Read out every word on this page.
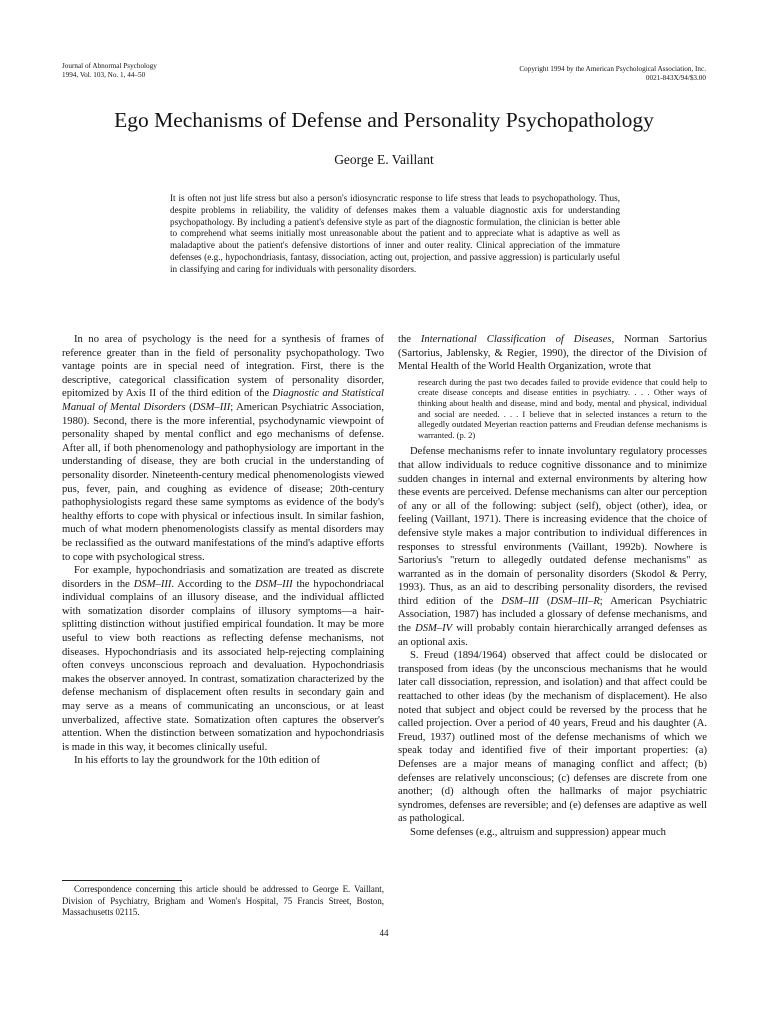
Journal of Abnormal Psychology
1994, Vol. 103, No. 1, 44–50
Copyright 1994 by the American Psychological Association, Inc.
0021-843X/94/$3.00
Ego Mechanisms of Defense and Personality Psychopathology
George E. Vaillant

It is often not just life stress but also a person's idiosyncratic response to life stress that leads to psychopathology. Thus, despite problems in reliability, the validity of defenses makes them a valuable diagnostic axis for understanding psychopathology. By including a patient's defensive style as part of the diagnostic formulation, the clinician is better able to comprehend what seems initially most unreasonable about the patient and to appreciate what is adaptive as well as maladaptive about the patient's defensive distortions of inner and outer reality. Clinical appreciation of the immature defenses (e.g., hypochondriasis, fantasy, dissociation, acting out, projection, and passive aggression) is particularly useful in classifying and caring for individuals with personality disorders.

In no area of psychology is the need for a synthesis of frames of reference greater than in the field of personality psychopathology. Two vantage points are in special need of integration. First, there is the descriptive, categorical classification system of personality disorder, epitomized by Axis II of the third edition of the Diagnostic and Statistical Manual of Mental Disorders (DSM–III; American Psychiatric Association, 1980). Second, there is the more inferential, psychodynamic viewpoint of personality shaped by mental conflict and ego mechanisms of defense. After all, if both phenomenology and pathophysiology are important in the understanding of disease, they are both crucial in the understanding of personality disorder. Nineteenth-century medical phenomenologists viewed pus, fever, pain, and coughing as evidence of disease; 20th-century pathophysiologists regard these same symptoms as evidence of the body's healthy efforts to cope with physical or infectious insult. In similar fashion, much of what modern phenomenologists classify as mental disorders may be reclassified as the outward manifestations of the mind's adaptive efforts to cope with psychological stress.

For example, hypochondriasis and somatization are treated as discrete disorders in the DSM–III. According to the DSM–III the hypochondriacal individual complains of an illusory disease, and the individual afflicted with somatization disorder complains of illusory symptoms—a hair-splitting distinction without justified empirical foundation. It may be more useful to view both reactions as reflecting defense mechanisms, not diseases. Hypochondriasis and its associated help-rejecting complaining often conveys unconscious reproach and devaluation. Hypochondriasis makes the observer annoyed. In contrast, somatization characterized by the defense mechanism of displacement often results in secondary gain and may serve as a means of communicating an unconscious, or at least unverbalized, affective state. Somatization often captures the observer's attention. When the distinction between somatization and hypochondriasis is made in this way, it becomes clinically useful.

In his efforts to lay the groundwork for the 10th edition of

the International Classification of Diseases, Norman Sartorius (Sartorius, Jablensky, & Regier, 1990), the director of the Division of Mental Health of the World Health Organization, wrote that

research during the past two decades failed to provide evidence that could help to create disease concepts and disease entities in psychiatry. . . . Other ways of thinking about health and disease, mind and body, mental and physical, individual and social are needed. . . . I believe that in selected instances a return to the allegedly outdated Meyerian reaction patterns and Freudian defense mechanisms is warranted. (p. 2)

Defense mechanisms refer to innate involuntary regulatory processes that allow individuals to reduce cognitive dissonance and to minimize sudden changes in internal and external environments by altering how these events are perceived. Defense mechanisms can alter our perception of any or all of the following: subject (self), object (other), idea, or feeling (Vaillant, 1971). There is increasing evidence that the choice of defensive style makes a major contribution to individual differences in responses to stressful environments (Vaillant, 1992b). Nowhere is Sartorius's "return to allegedly outdated defense mechanisms" as warranted as in the domain of personality disorders (Skodol & Perry, 1993). Thus, as an aid to describing personality disorders, the revised third edition of the DSM–III (DSM–III–R; American Psychiatric Association, 1987) has included a glossary of defense mechanisms, and the DSM–IV will probably contain hierarchically arranged defenses as an optional axis.

S. Freud (1894/1964) observed that affect could be dislocated or transposed from ideas (by the unconscious mechanisms that he would later call dissociation, repression, and isolation) and that affect could be reattached to other ideas (by the mechanism of displacement). He also noted that subject and object could be reversed by the process that he called projection. Over a period of 40 years, Freud and his daughter (A. Freud, 1937) outlined most of the defense mechanisms of which we speak today and identified five of their important properties: (a) Defenses are a major means of managing conflict and affect; (b) defenses are relatively unconscious; (c) defenses are discrete from one another; (d) although often the hallmarks of major psychiatric syndromes, defenses are reversible; and (e) defenses are adaptive as well as pathological.

Some defenses (e.g., altruism and suppression) appear much

Correspondence concerning this article should be addressed to George E. Vaillant, Division of Psychiatry, Brigham and Women's Hospital, 75 Francis Street, Boston, Massachusetts 02115.

44
